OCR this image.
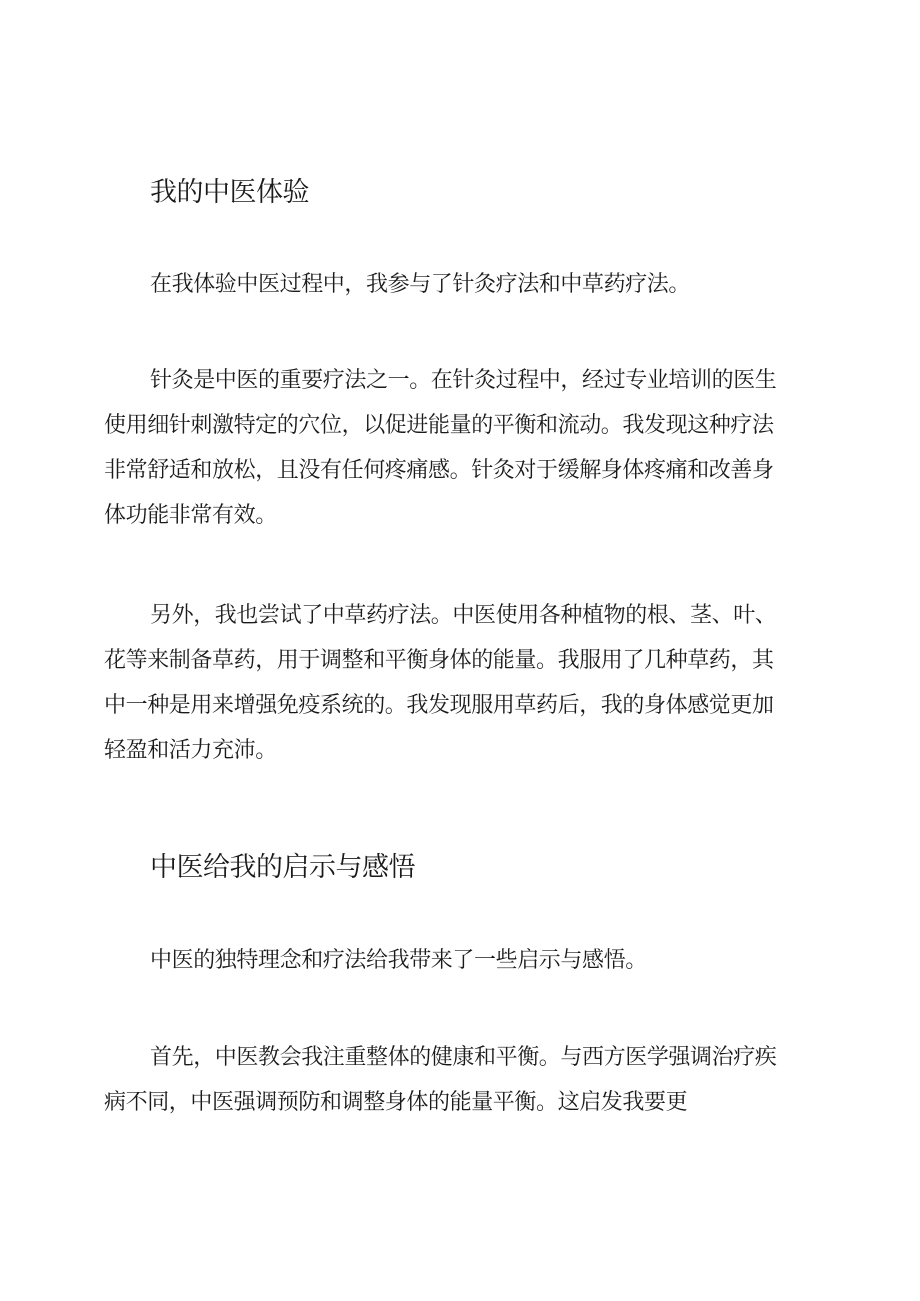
我的中医体验

在我体验中医过程中，我参与了针灸疗法和中草药疗法。

针灸是中医的重要疗法之一。在针灸过程中，经过专业培训的医生
使用细针刺激特定的穴位，以促进能量的平衡和流动。我发现这种疗法
非常舒适和放松，且没有任何疼痛感。针灸对于缓解身体疼痛和改善身
体功能非常有效。

另外，我也尝试了中草药疗法。中医使用各种植物的根、茎、叶、
花等来制备草药，用于调整和平衡身体的能量。我服用了几种草药，其
中一种是用来增强免疫系统的。我发现服用草药后，我的身体感觉更加
轻盈和活力充沛。

中医给我的启示与感悟

中医的独特理念和疗法给我带来了一些启示与感悟。

首先，中医教会我注重整体的健康和平衡。与西方医学强调治疗疾
病不同，中医强调预防和调整身体的能量平衡。这启发我要更
